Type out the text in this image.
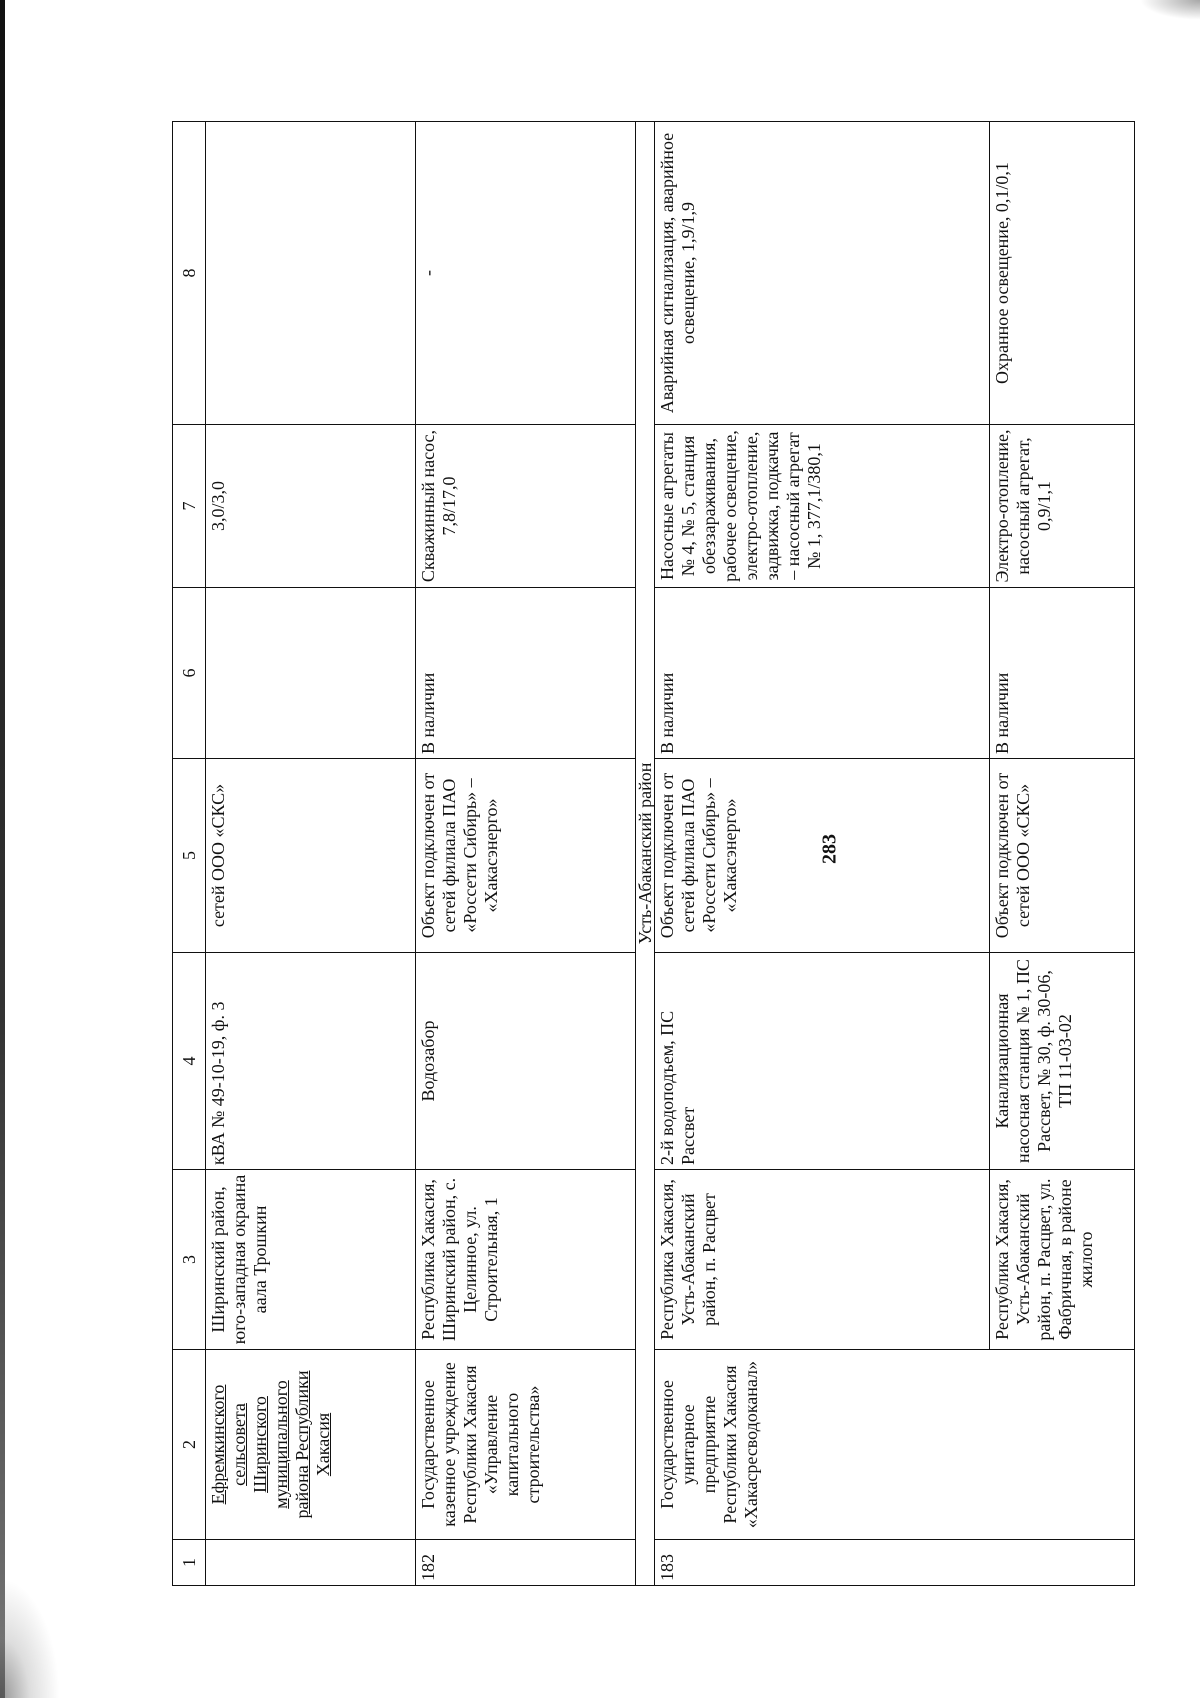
283
1	2	3	4	5	6	7	8
	Ефремкинского сельсовета Ширинского муниципального района Республики Хакасия	Ширинский район, юго-западная окраина аала Трошкин	кВА № 49-10-19, ф. 3	сетей ООО «СКС»		3,0/3,0	
182	Государственное казенное учреждение Республики Хакасия «Управление капитального строительства»	Республика Хакасия, Ширинский район, с. Целинное, ул. Строительная, 1	Водозабор	Объект подключен от сетей филиала ПАО «Россети Сибирь» – «Хакасэнерго»	В наличии	Скважинный насос, 7,8/17,0	-
Усть-Абаканский район							
183	Государственное унитарное предприятие Республики Хакасия «Хакасресводоканал»	Республика Хакасия, Усть-Абаканский район, п. Расцвет	2-й водоподъем, ПС Рассвет	Объект подключен от сетей филиала ПАО «Россети Сибирь» – «Хакасэнерго»	В наличии	Насосные агрегаты № 4, № 5, станция обеззараживания, рабочее освещение, электро-отопление, задвижка, подкачка – насосный агрегат № 1, 377,1/380,1	Аварийная сигнализация, аварийное освещение, 1,9/1,9
		Республика Хакасия, Усть-Абаканский район, п. Расцвет, ул. Фабричная, в районе жилого	Канализационная насосная станция № 1, ПС Рассвет, № 30, ф. 30-06, ТП 11-03-02	Объект подключен от сетей ООО «СКС»	В наличии	Электро-отопление, насосный агрегат, 0,9/1,1	Охранное освещение, 0,1/0,1
